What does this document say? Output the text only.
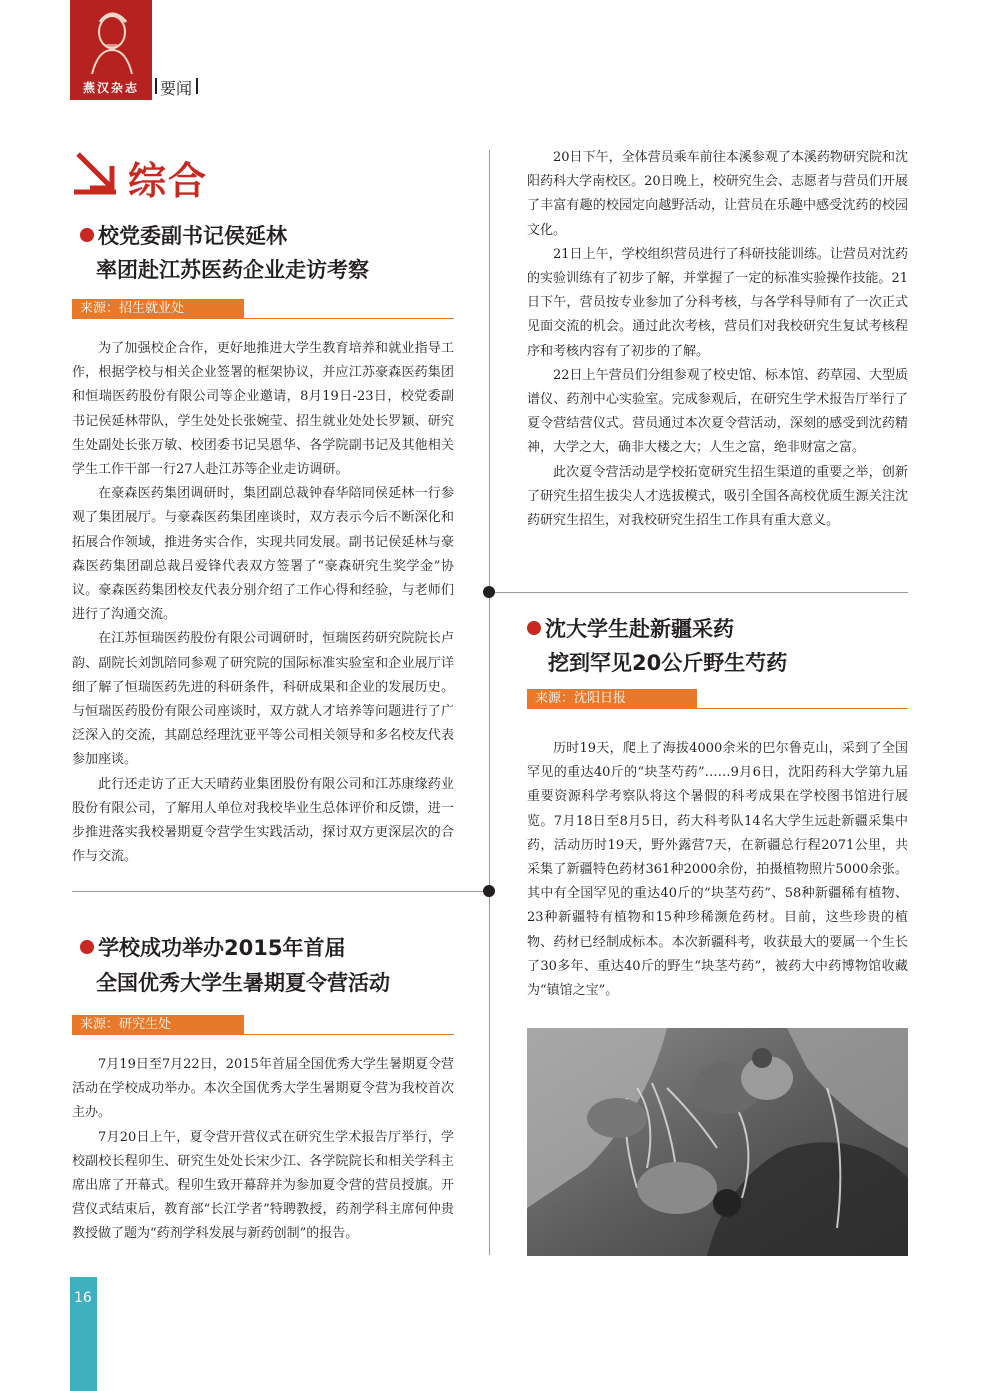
燕汉杂志	要闻
综合
校党委副书记侯延林
率团赴江苏医药企业走访考察
来源：招生就业处

为了加强校企合作，更好地推进大学生教育培养和就业指导工作，根据学校与相关企业签署的框架协议，并应江苏豪森医药集团和恒瑞医药股份有限公司等企业邀请，8月19日-23日，校党委副书记侯延林带队，学生处处长张婉莹、招生就业处处长罗颖、研究生处副处长张万敏、校团委书记吴恩华、各学院副书记及其他相关学生工作干部一行27人赴江苏等企业走访调研。

在豪森医药集团调研时，集团副总裁钟春华陪同侯延林一行参观了集团展厅。与豪森医药集团座谈时，双方表示今后不断深化和拓展合作领域，推进务实合作，实现共同发展。副书记侯延林与豪森医药集团副总裁吕爱锋代表双方签署了“豪森研究生奖学金”协议。豪森医药集团校友代表分别介绍了工作心得和经验，与老师们进行了沟通交流。

在江苏恒瑞医药股份有限公司调研时，恒瑞医药研究院院长卢韵、副院长刘凯陪同参观了研究院的国际标准实验室和企业展厅详细了解了恒瑞医药先进的科研条件，科研成果和企业的发展历史。与恒瑞医药股份有限公司座谈时，双方就人才培养等问题进行了广泛深入的交流，其副总经理沈亚平等公司相关领导和多名校友代表参加座谈。

此行还走访了正大天晴药业集团股份有限公司和江苏康缘药业股份有限公司，了解用人单位对我校毕业生总体评价和反馈，进一步推进落实我校暑期夏令营学生实践活动，探讨双方更深层次的合作与交流。

学校成功举办2015年首届
全国优秀大学生暑期夏令营活动
来源：研究生处

7月19日至7月22日，2015年首届全国优秀大学生暑期夏令营活动在学校成功举办。本次全国优秀大学生暑期夏令营为我校首次主办。

7月20日上午，夏令营开营仪式在研究生学术报告厅举行，学校副校长程卯生、研究生处处长宋少江、各学院院长和相关学科主席出席了开幕式。程卯生致开幕辞并为参加夏令营的营员授旗。开营仪式结束后，教育部“长江学者”特聘教授，药剂学科主席何仲贵教授做了题为“药剂学科发展与新药创制”的报告。

20日下午，全体营员乘车前往本溪参观了本溪药物研究院和沈阳药科大学南校区。20日晚上，校研究生会、志愿者与营员们开展了丰富有趣的校园定向越野活动，让营员在乐趣中感受沈药的校园文化。

21日上午，学校组织营员进行了科研技能训练。让营员对沈药的实验训练有了初步了解，并掌握了一定的标准实验操作技能。21日下午，营员按专业参加了分科考核，与各学科导师有了一次正式见面交流的机会。通过此次考核，营员们对我校研究生复试考核程序和考核内容有了初步的了解。

22日上午营员们分组参观了校史馆、标本馆、药草园、大型质谱仪、药剂中心实验室。完成参观后，在研究生学术报告厅举行了夏令营结营仪式。营员通过本次夏令营活动，深刻的感受到沈药精神，大学之大，确非大楼之大；人生之富，绝非财富之富。

此次夏令营活动是学校拓宽研究生招生渠道的重要之举，创新了研究生招生拔尖人才选拔模式，吸引全国各高校优质生源关注沈药研究生招生，对我校研究生招生工作具有重大意义。

沈大学生赴新疆采药
挖到罕见20公斤野生芍药
来源：沈阳日报

历时19天，爬上了海拔4000余米的巴尔鲁克山，采到了全国罕见的重达40斤的“块茎芍药”……9月6日，沈阳药科大学第九届重要资源科学考察队将这个暑假的科考成果在学校图书馆进行展览。7月18日至8月5日，药大科考队14名大学生远赴新疆采集中药，活动历时19天，野外露营7天，在新疆总行程2071公里，共采集了新疆特色药材361种2000余份，拍摄植物照片5000余张。其中有全国罕见的重达40斤的“块茎芍药”、58种新疆稀有植物、23种新疆特有植物和15种珍稀濒危药材。目前，这些珍贵的植物、药材已经制成标本。本次新疆科考，收获最大的要属一个生长了30多年、重达40斤的野生“块茎芍药”，被药大中药博物馆收藏为“镇馆之宝”。

16
